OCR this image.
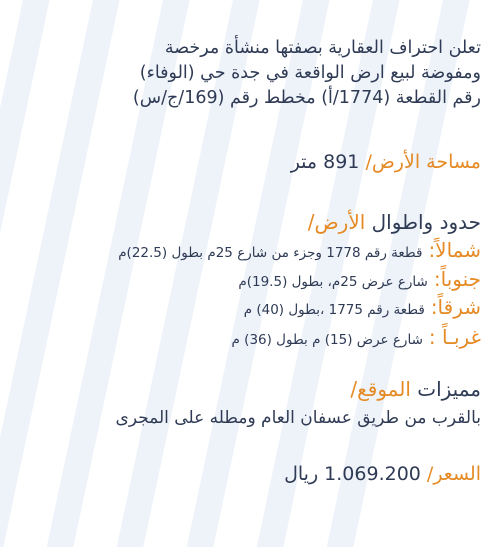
تعلن احتراف العقارية بصفتها منشأة مرخصة
ومفوضة لبيع ارض الواقعة في جدة حي (الوفاء)
رقم القطعة (1774/أ) مخطط رقم (169/ج/س)
مساحة الأرض/ 891 متر
حدود واطوال الأرض/
شمالاً:قطعة رقم 1778 وجزء من شارع 25م بطول (22.5)م
جنوباً:شارع عرض 25م، بطول (19.5)م
شرقاً:قطعة رقم 1775 ،بطول (40) م
غربـاً :شارع عرض (15) م بطول (36) م
مميزات الموقع/
بالقرب من طريق عسفان العام ومطله على المجرى
السعر/ 1.069.200 ريال
